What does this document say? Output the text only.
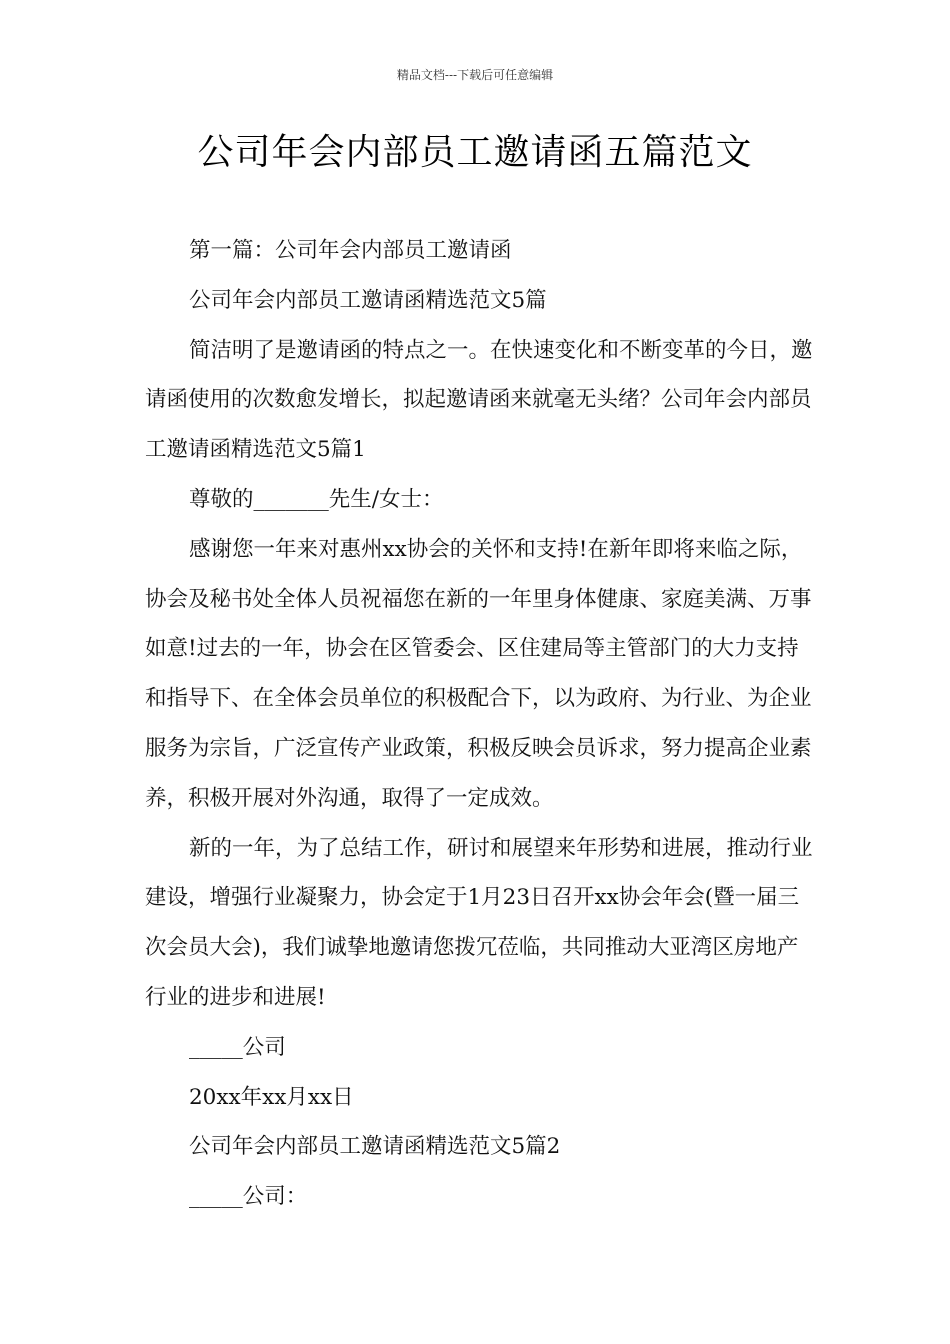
精品文档---下载后可任意编辑
公司年会内部员工邀请函五篇范文

第一篇：公司年会内部员工邀请函

公司年会内部员工邀请函精选范文5篇

简洁明了是邀请函的特点之一。在快速变化和不断变革的今日，邀请函使用的次数愈发增长，拟起邀请函来就毫无头绪？公司年会内部员工邀请函精选范文5篇1

尊敬的_______先生/女士：

感谢您一年来对惠州xx协会的关怀和支持!在新年即将来临之际，协会及秘书处全体人员祝福您在新的一年里身体健康、家庭美满、万事如意!过去的一年，协会在区管委会、区住建局等主管部门的大力支持和指导下、在全体会员单位的积极配合下，以为政府、为行业、为企业服务为宗旨，广泛宣传产业政策，积极反映会员诉求，努力提高企业素养，积极开展对外沟通，取得了一定成效。

新的一年，为了总结工作，研讨和展望来年形势和进展，推动行业建设，增强行业凝聚力，协会定于1月23日召开xx协会年会(暨一届三次会员大会)，我们诚挚地邀请您拨冗莅临，共同推动大亚湾区房地产行业的进步和进展!

_____公司

20xx年xx月xx日

公司年会内部员工邀请函精选范文5篇2

_____公司：
